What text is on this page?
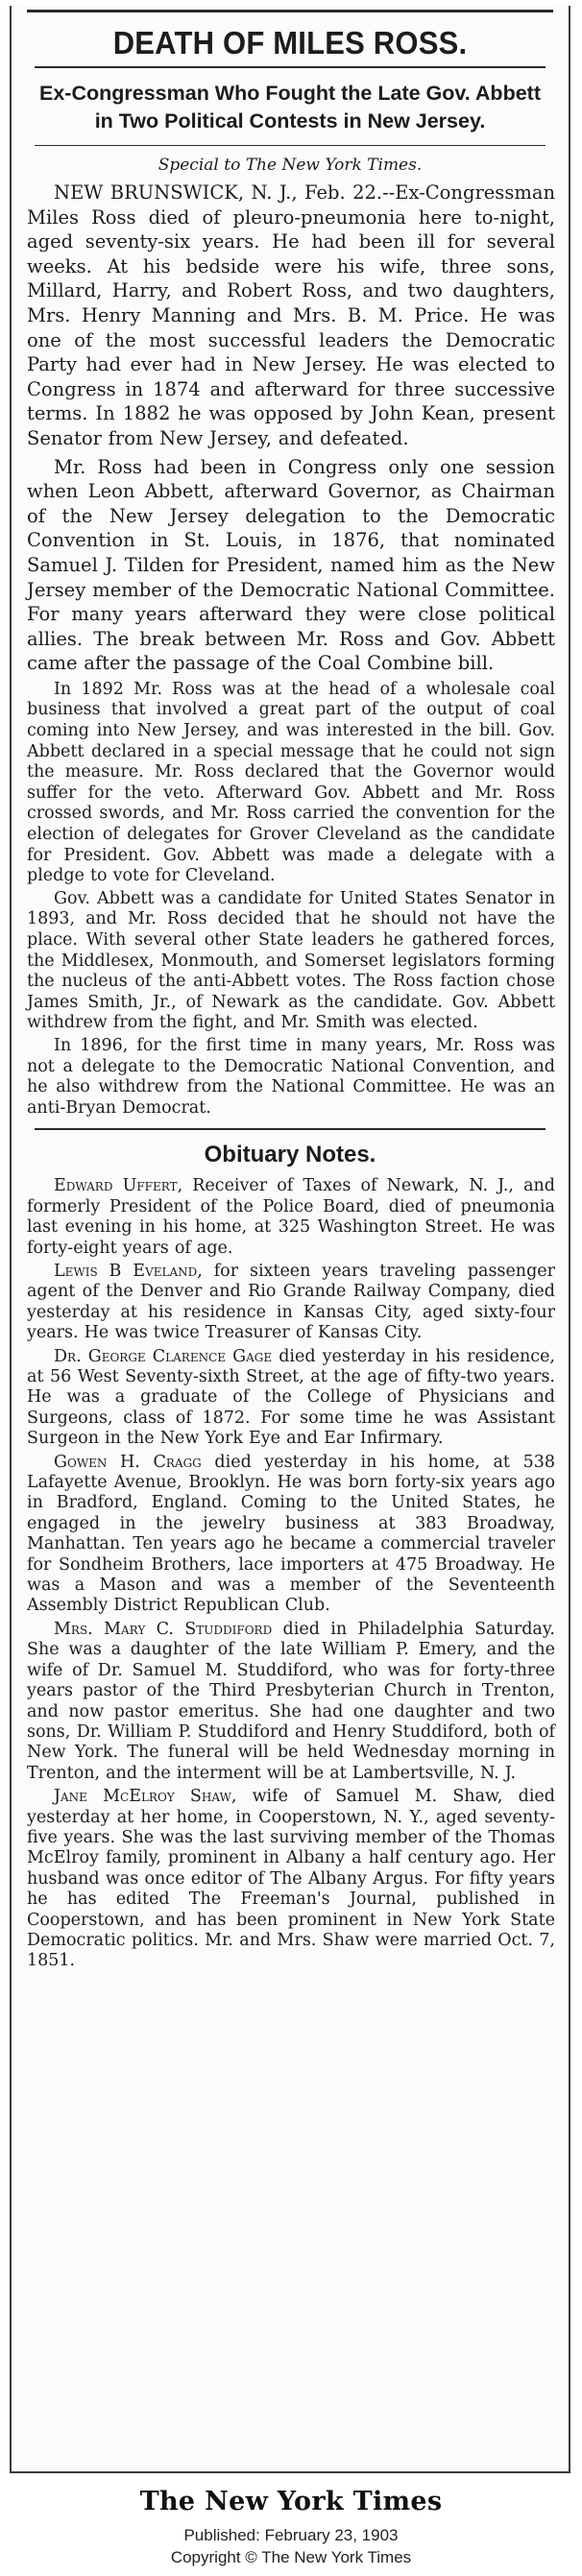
DEATH OF MILES ROSS.
Ex-Congressman Who Fought the Late Gov. Abbett in Two Political Contests in New Jersey.
Special to The New York Times.

NEW BRUNSWICK, N. J., Feb. 22.--Ex-Congressman Miles Ross died of pleuro-pneumonia here to-night, aged seventy-six years. He had been ill for several weeks. At his bedside were his wife, three sons, Millard, Harry, and Robert Ross, and two daughters, Mrs. Henry Manning and Mrs. B. M. Price. He was one of the most successful leaders the Democratic Party had ever had in New Jersey. He was elected to Congress in 1874 and afterward for three successive terms. In 1882 he was opposed by John Kean, present Senator from New Jersey, and defeated.

Mr. Ross had been in Congress only one session when Leon Abbett, afterward Governor, as Chairman of the New Jersey delegation to the Democratic Convention in St. Louis, in 1876, that nominated Samuel J. Tilden for President, named him as the New Jersey member of the Democratic National Committee. For many years afterward they were close political allies. The break between Mr. Ross and Gov. Abbett came after the passage of the Coal Combine bill.

In 1892 Mr. Ross was at the head of a wholesale coal business that involved a great part of the output of coal coming into New Jersey, and was interested in the bill. Gov. Abbett declared in a special message that he could not sign the measure. Mr. Ross declared that the Governor would suffer for the veto. Afterward Gov. Abbett and Mr. Ross crossed swords, and Mr. Ross carried the convention for the election of delegates for Grover Cleveland as the candidate for President. Gov. Abbett was made a delegate with a pledge to vote for Cleveland.

Gov. Abbett was a candidate for United States Senator in 1893, and Mr. Ross decided that he should not have the place. With several other State leaders he gathered forces, the Middlesex, Monmouth, and Somerset legislators forming the nucleus of the anti-Abbett votes. The Ross faction chose James Smith, Jr., of Newark as the candidate. Gov. Abbett withdrew from the fight, and Mr. Smith was elected.

In 1896, for the first time in many years, Mr. Ross was not a delegate to the Democratic National Convention, and he also withdrew from the National Committee. He was an anti-Bryan Democrat.

Obituary Notes.

Edward Uffert, Receiver of Taxes of Newark, N. J., and formerly President of the Police Board, died of pneumonia last evening in his home, at 325 Washington Street. He was forty-eight years of age.

Lewis B Eveland, for sixteen years traveling passenger agent of the Denver and Rio Grande Railway Company, died yesterday at his residence in Kansas City, aged sixty-four years. He was twice Treasurer of Kansas City.

Dr. George Clarence Gage died yesterday in his residence, at 56 West Seventy-sixth Street, at the age of fifty-two years. He was a graduate of the College of Physicians and Surgeons, class of 1872. For some time he was Assistant Surgeon in the New York Eye and Ear Infirmary.

Gowen H. Cragg died yesterday in his home, at 538 Lafayette Avenue, Brooklyn. He was born forty-six years ago in Bradford, England. Coming to the United States, he engaged in the jewelry business at 383 Broadway, Manhattan. Ten years ago he became a commercial traveler for Sondheim Brothers, lace importers at 475 Broadway. He was a Mason and was a member of the Seventeenth Assembly District Republican Club.

Mrs. Mary C. Studdiford died in Philadelphia Saturday. She was a daughter of the late William P. Emery, and the wife of Dr. Samuel M. Studdiford, who was for forty-three years pastor of the Third Presbyterian Church in Trenton, and now pastor emeritus. She had one daughter and two sons, Dr. William P. Studdiford and Henry Studdiford, both of New York. The funeral will be held Wednesday morning in Trenton, and the interment will be at Lambertsville, N. J.

Jane McElroy Shaw, wife of Samuel M. Shaw, died yesterday at her home, in Cooperstown, N. Y., aged seventy-five years. She was the last surviving member of the Thomas McElroy family, prominent in Albany a half century ago. Her husband was once editor of The Albany Argus. For fifty years he has edited The Freeman's Journal, published in Cooperstown, and has been prominent in New York State Democratic politics. Mr. and Mrs. Shaw were married Oct. 7, 1851.

The New York Times
Published: February 23, 1903
Copyright © The New York Times
